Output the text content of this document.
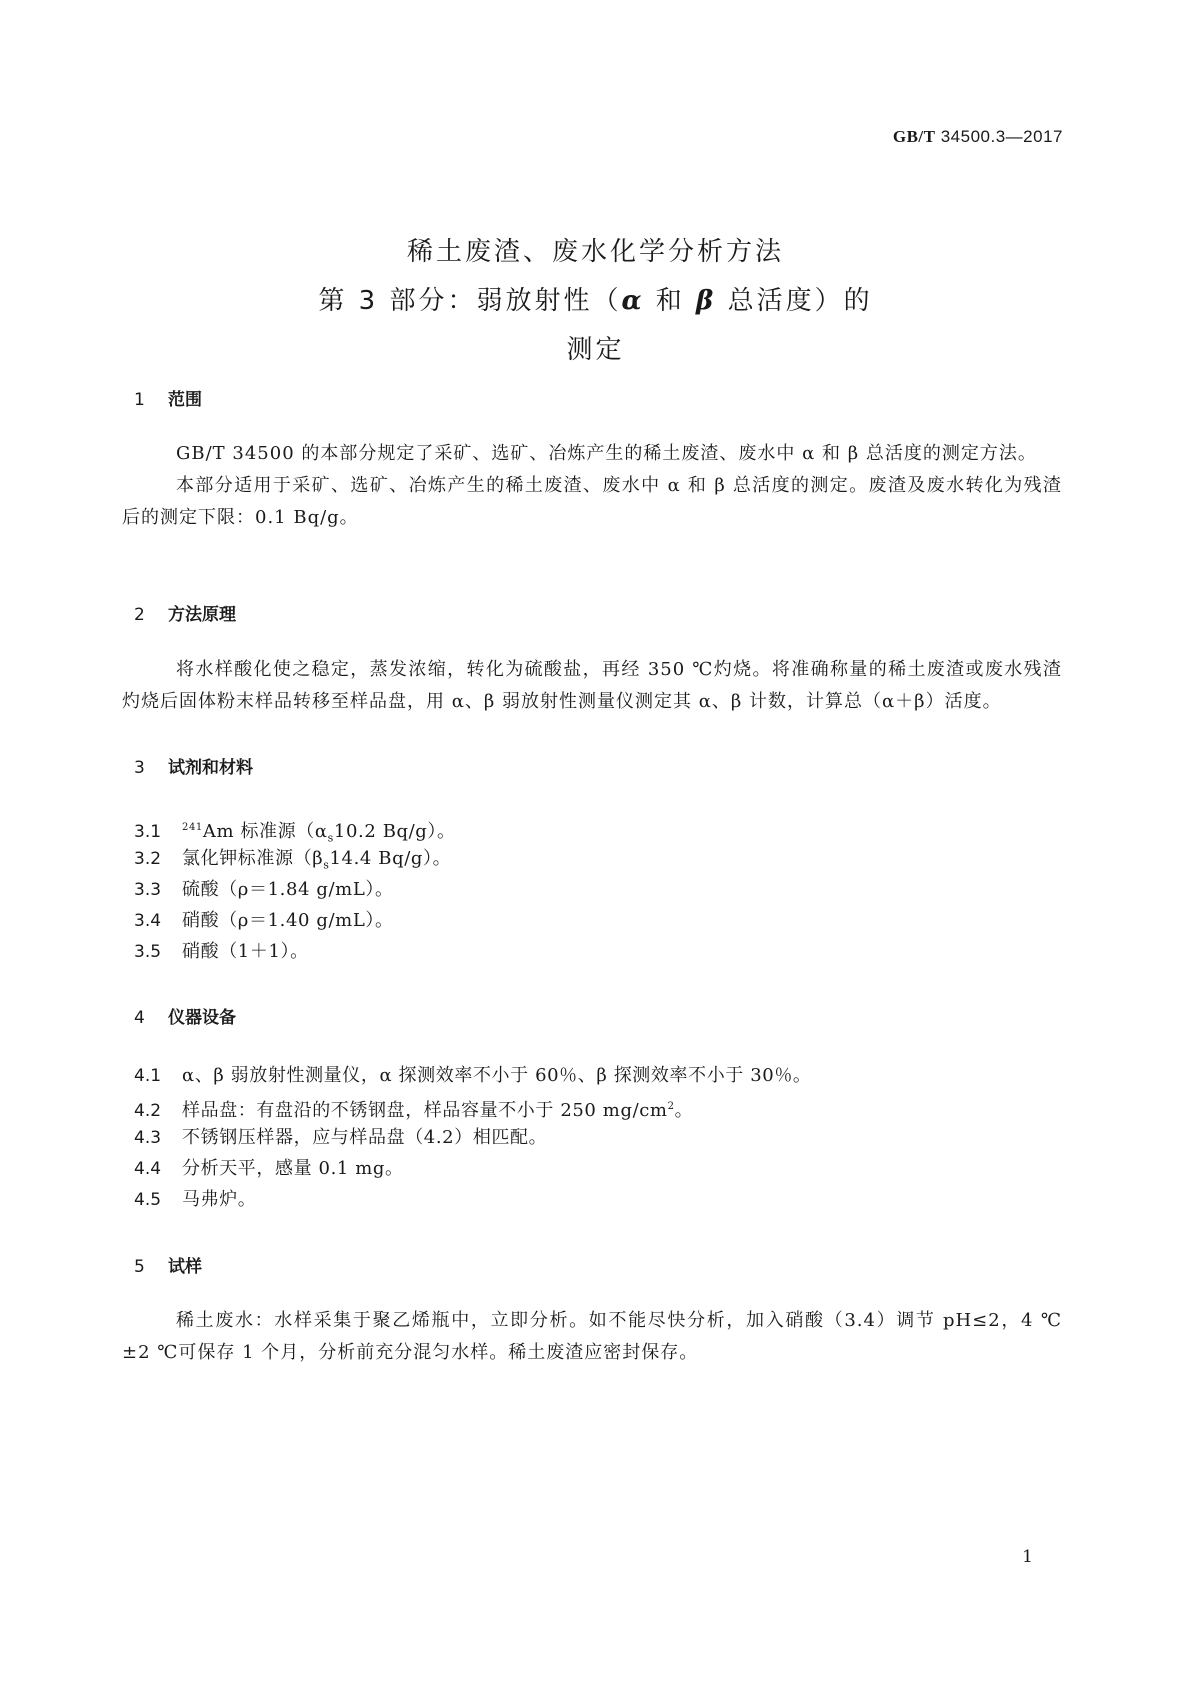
GB/T 34500.3—2017
稀土废渣、废水化学分析方法
第 3 部分：弱放射性（α 和 β 总活度）的
测定
1 范围

GB/T 34500 的本部分规定了采矿、选矿、冶炼产生的稀土废渣、废水中 α 和 β 总活度的测定方法。

本部分适用于采矿、选矿、冶炼产生的稀土废渣、废水中 α 和 β 总活度的测定。废渣及废水转化为残渣后的测定下限：0.1 Bq/g。

2 方法原理

将水样酸化使之稳定，蒸发浓缩，转化为硫酸盐，再经 350 ℃灼烧。将准确称量的稀土废渣或废水残渣灼烧后固体粉末样品转移至样品盘，用 α、β 弱放射性测量仪测定其 α、β 计数，计算总（α＋β）活度。

3 试剂和材料
3.1 $^{241}$Am 标准源（$\alpha_s10.2$ Bq/g）。
3.2 氯化钾标准源（$\beta_s14.4$ Bq/g）。
3.3 硫酸（ρ＝1.84 g/mL）。
3.4 硝酸（ρ＝1.40 g/mL）。
3.5 硝酸（1＋1）。
4 仪器设备
4.1 α、β 弱放射性测量仪，α 探测效率不小于 60％、β 探测效率不小于 30％。
4.2 样品盘：有盘沿的不锈钢盘，样品容量不小于 250 $mg/cm^2$。
4.3 不锈钢压样器，应与样品盘（4.2）相匹配。
4.4 分析天平，感量 0.1 mg。
4.5 马弗炉。
5 试样

稀土废水：水样采集于聚乙烯瓶中，立即分析。如不能尽快分析，加入硝酸（3.4）调节 pH≤2，4 ℃±2 ℃可保存 1 个月，分析前充分混匀水样。稀土废渣应密封保存。

1
